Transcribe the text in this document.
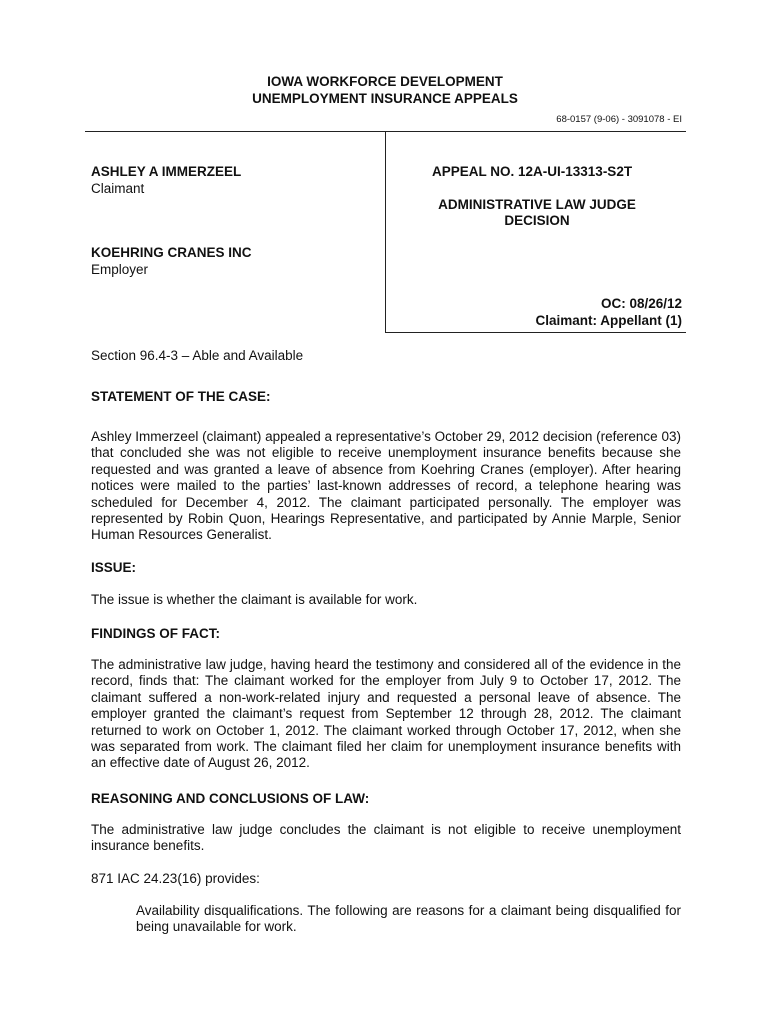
IOWA WORKFORCE DEVELOPMENT
UNEMPLOYMENT INSURANCE APPEALS
68-0157 (9-06) - 3091078 - EI
ASHLEY A IMMERZEEL
Claimant
KOEHRING CRANES INC
Employer
APPEAL NO. 12A-UI-13313-S2T
ADMINISTRATIVE LAW JUDGE
DECISION
OC: 08/26/12
Claimant: Appellant (1)
Section 96.4-3 – Able and Available
STATEMENT OF THE CASE:
Ashley Immerzeel (claimant) appealed a representative’s October 29, 2012 decision (reference 03) that concluded she was not eligible to receive unemployment insurance benefits because she requested and was granted a leave of absence from Koehring Cranes (employer). After hearing notices were mailed to the parties’ last-known addresses of record, a telephone hearing was scheduled for December 4, 2012. The claimant participated personally. The employer was represented by Robin Quon, Hearings Representative, and participated by Annie Marple, Senior Human Resources Generalist.
ISSUE:
The issue is whether the claimant is available for work.
FINDINGS OF FACT:
The administrative law judge, having heard the testimony and considered all of the evidence in the record, finds that: The claimant worked for the employer from July 9 to October 17, 2012. The claimant suffered a non-work-related injury and requested a personal leave of absence. The employer granted the claimant’s request from September 12 through 28, 2012. The claimant returned to work on October 1, 2012. The claimant worked through October 17, 2012, when she was separated from work. The claimant filed her claim for unemployment insurance benefits with an effective date of August 26, 2012.
REASONING AND CONCLUSIONS OF LAW:
The administrative law judge concludes the claimant is not eligible to receive unemployment insurance benefits.
871 IAC 24.23(16) provides:
Availability disqualifications. The following are reasons for a claimant being disqualified for being unavailable for work.
